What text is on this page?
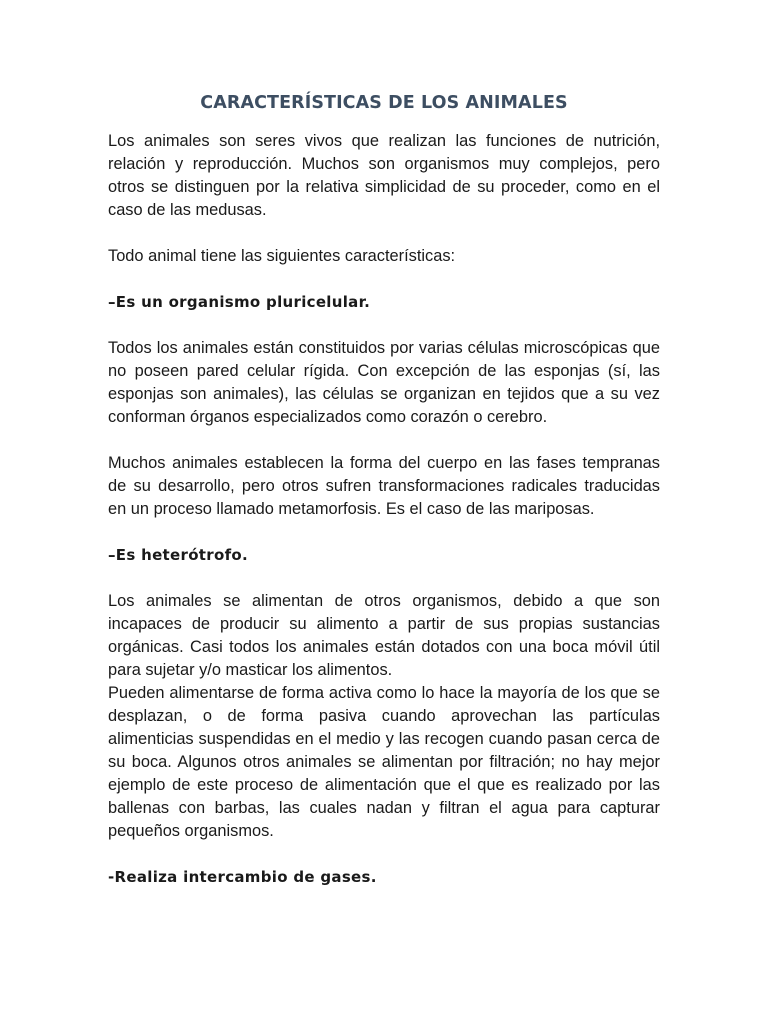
CARACTERÍSTICAS DE LOS ANIMALES

Los animales son seres vivos que realizan las funciones de nutrición, relación y reproducción. Muchos son organismos muy complejos, pero otros se distinguen por la relativa simplicidad de su proceder, como en el caso de las medusas.

Todo animal tiene las siguientes características:

–Es un organismo pluricelular.

Todos los animales están constituidos por varias células microscópicas que no poseen pared celular rígida. Con excepción de las esponjas (sí, las esponjas son animales), las células se organizan en tejidos que a su vez conforman órganos especializados como corazón o cerebro.

Muchos animales establecen la forma del cuerpo en las fases tempranas de su desarrollo, pero otros sufren transformaciones radicales traducidas en un proceso llamado metamorfosis. Es el caso de las mariposas.

–Es heterótrofo.

Los animales se alimentan de otros organismos, debido a que son incapaces de producir su alimento a partir de sus propias sustancias orgánicas. Casi todos los animales están dotados con una boca móvil útil para sujetar y/o masticar los alimentos.

Pueden alimentarse de forma activa como lo hace la mayoría de los que se desplazan, o de forma pasiva cuando aprovechan las partículas alimenticias suspendidas en el medio y las recogen cuando pasan cerca de su boca. Algunos otros animales se alimentan por filtración; no hay mejor ejemplo de este proceso de alimentación que el que es realizado por las ballenas con barbas, las cuales nadan y filtran el agua para capturar pequeños organismos.

-Realiza intercambio de gases.
